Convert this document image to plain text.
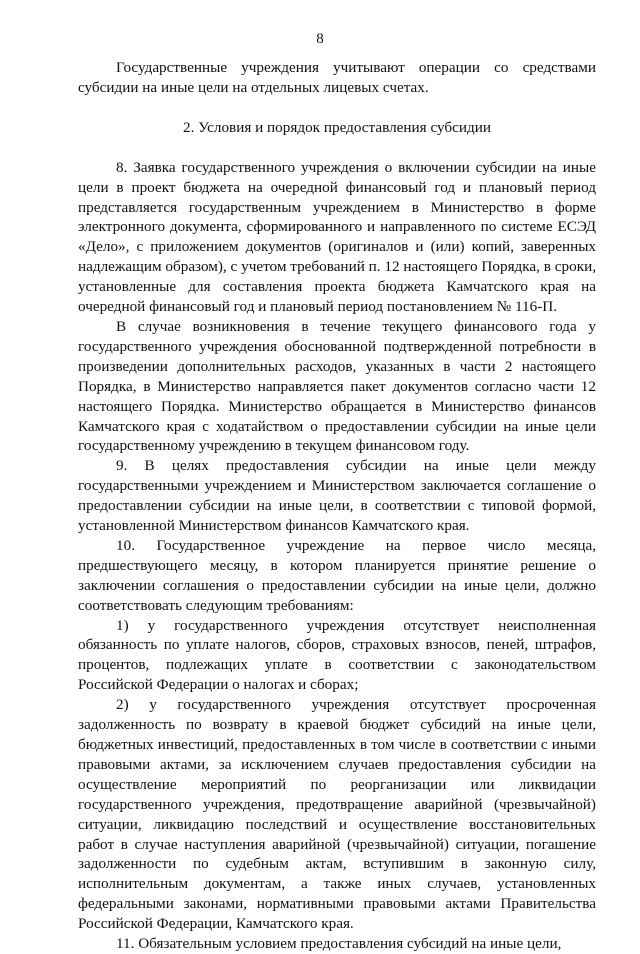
8

Государственные учреждения учитывают операции со средствами субсидии на иные цели на отдельных лицевых счетах.

2. Условия и порядок предоставления субсидии

8. Заявка государственного учреждения о включении субсидии на иные цели в проект бюджета на очередной финансовый год и плановый период представляется государственным учреждением в Министерство в форме электронного документа, сформированного и направленного по системе ЕСЭД «Дело», с приложением документов (оригиналов и (или) копий, заверенных надлежащим образом), с учетом требований п. 12 настоящего Порядка, в сроки, установленные для составления проекта бюджета Камчатского края на очередной финансовый год и плановый период постановлением № 116-П.

В случае возникновения в течение текущего финансового года у государственного учреждения обоснованной подтвержденной потребности в произведении дополнительных расходов, указанных в части 2 настоящего Порядка, в Министерство направляется пакет документов согласно части 12 настоящего Порядка. Министерство обращается в Министерство финансов Камчатского края с ходатайством о предоставлении субсидии на иные цели государственному учреждению в текущем финансовом году.

9. В целях предоставления субсидии на иные цели между государственными учреждением и Министерством заключается соглашение о предоставлении субсидии на иные цели, в соответствии с типовой формой, установленной Министерством финансов Камчатского края.

10. Государственное учреждение на первое число месяца, предшествующего месяцу, в котором планируется принятие решение о заключении соглашения о предоставлении субсидии на иные цели, должно соответствовать следующим требованиям:

1) у государственного учреждения отсутствует неисполненная обязанность по уплате налогов, сборов, страховых взносов, пеней, штрафов, процентов, подлежащих уплате в соответствии с законодательством Российской Федерации о налогах и сборах;

2) у государственного учреждения отсутствует просроченная задолженность по возврату в краевой бюджет субсидий на иные цели, бюджетных инвестиций, предоставленных в том числе в соответствии с иными правовыми актами, за исключением случаев предоставления субсидии на осуществление мероприятий по реорганизации или ликвидации государственного учреждения, предотвращение аварийной (чрезвычайной) ситуации, ликвидацию последствий и осуществление восстановительных работ в случае наступления аварийной (чрезвычайной) ситуации, погашение задолженности по судебным актам, вступившим в законную силу, исполнительным документам, а также иных случаев, установленных федеральными законами, нормативными правовыми актами Правительства Российской Федерации, Камчатского края.

11. Обязательным условием предоставления субсидий на иные цели,
